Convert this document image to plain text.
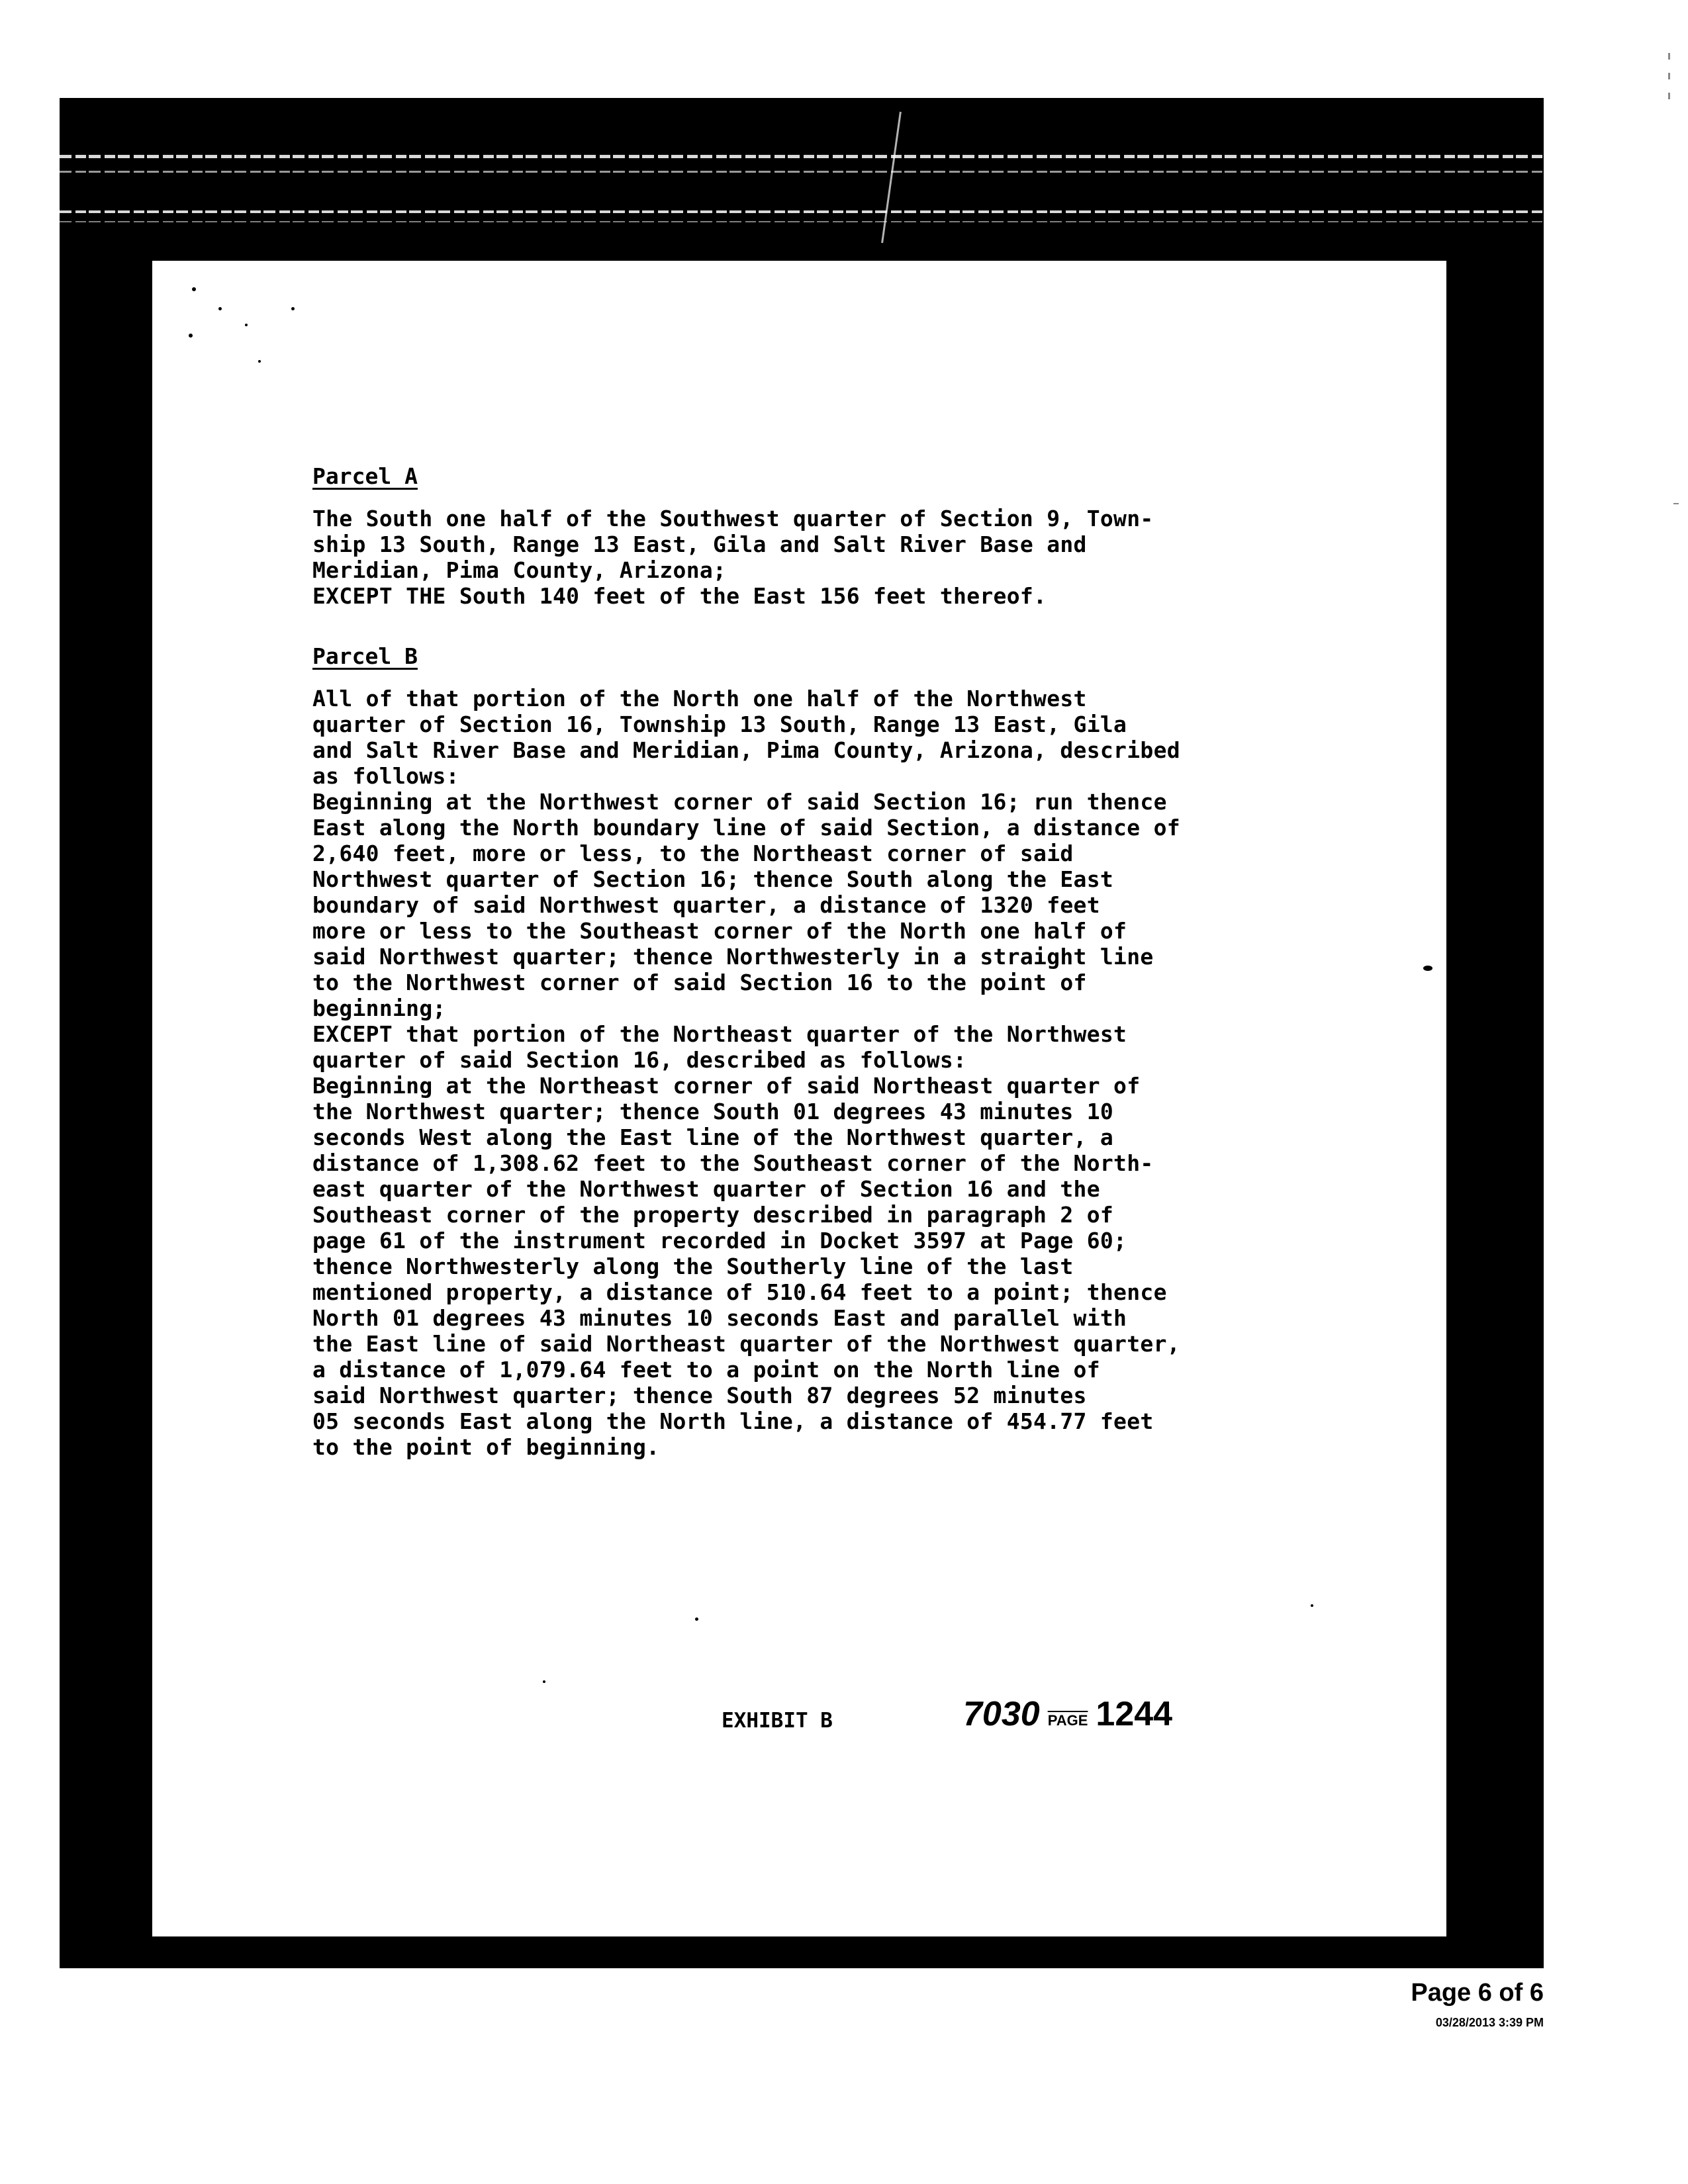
Parcel A
The South one half of the Southwest quarter of Section 9, Town-
ship 13 South, Range 13 East, Gila and Salt River Base and
Meridian, Pima County, Arizona;
EXCEPT THE South 140 feet of the East 156 feet thereof.
Parcel B
All of that portion of the North one half of the Northwest
quarter of Section 16, Township 13 South, Range 13 East, Gila
and Salt River Base and Meridian, Pima County, Arizona, described
as follows:
Beginning at the Northwest corner of said Section 16; run thence
East along the North boundary line of said Section, a distance of
2,640 feet, more or less, to the Northeast corner of said
Northwest quarter of Section 16; thence South along the East
boundary of said Northwest quarter, a distance of 1320 feet
more or less to the Southeast corner of the North one half of
said Northwest quarter; thence Northwesterly in a straight line
to the Northwest corner of said Section 16 to the point of
beginning;
EXCEPT that portion of the Northeast quarter of the Northwest
quarter of said Section 16, described as follows:
Beginning at the Northeast corner of said Northeast quarter of
the Northwest quarter; thence South 01 degrees 43 minutes 10
seconds West along the East line of the Northwest quarter, a
distance of 1,308.62 feet to the Southeast corner of the North-
east quarter of the Northwest quarter of Section 16 and the
Southeast corner of the property described in paragraph 2 of
page 61 of the instrument recorded in Docket 3597 at Page 60;
thence Northwesterly along the Southerly line of the last
mentioned property, a distance of 510.64 feet to a point; thence
North 01 degrees 43 minutes 10 seconds East and parallel with
the East line of said Northeast quarter of the Northwest quarter,
a distance of 1,079.64 feet to a point on the North line of
said Northwest quarter; thence South 87 degrees 52 minutes
05 seconds East along the North line, a distance of 454.77 feet
to the point of beginning.
EXHIBIT B	7030 PAGE 1244
Page 6 of 6
03/28/2013 3:39 PM
